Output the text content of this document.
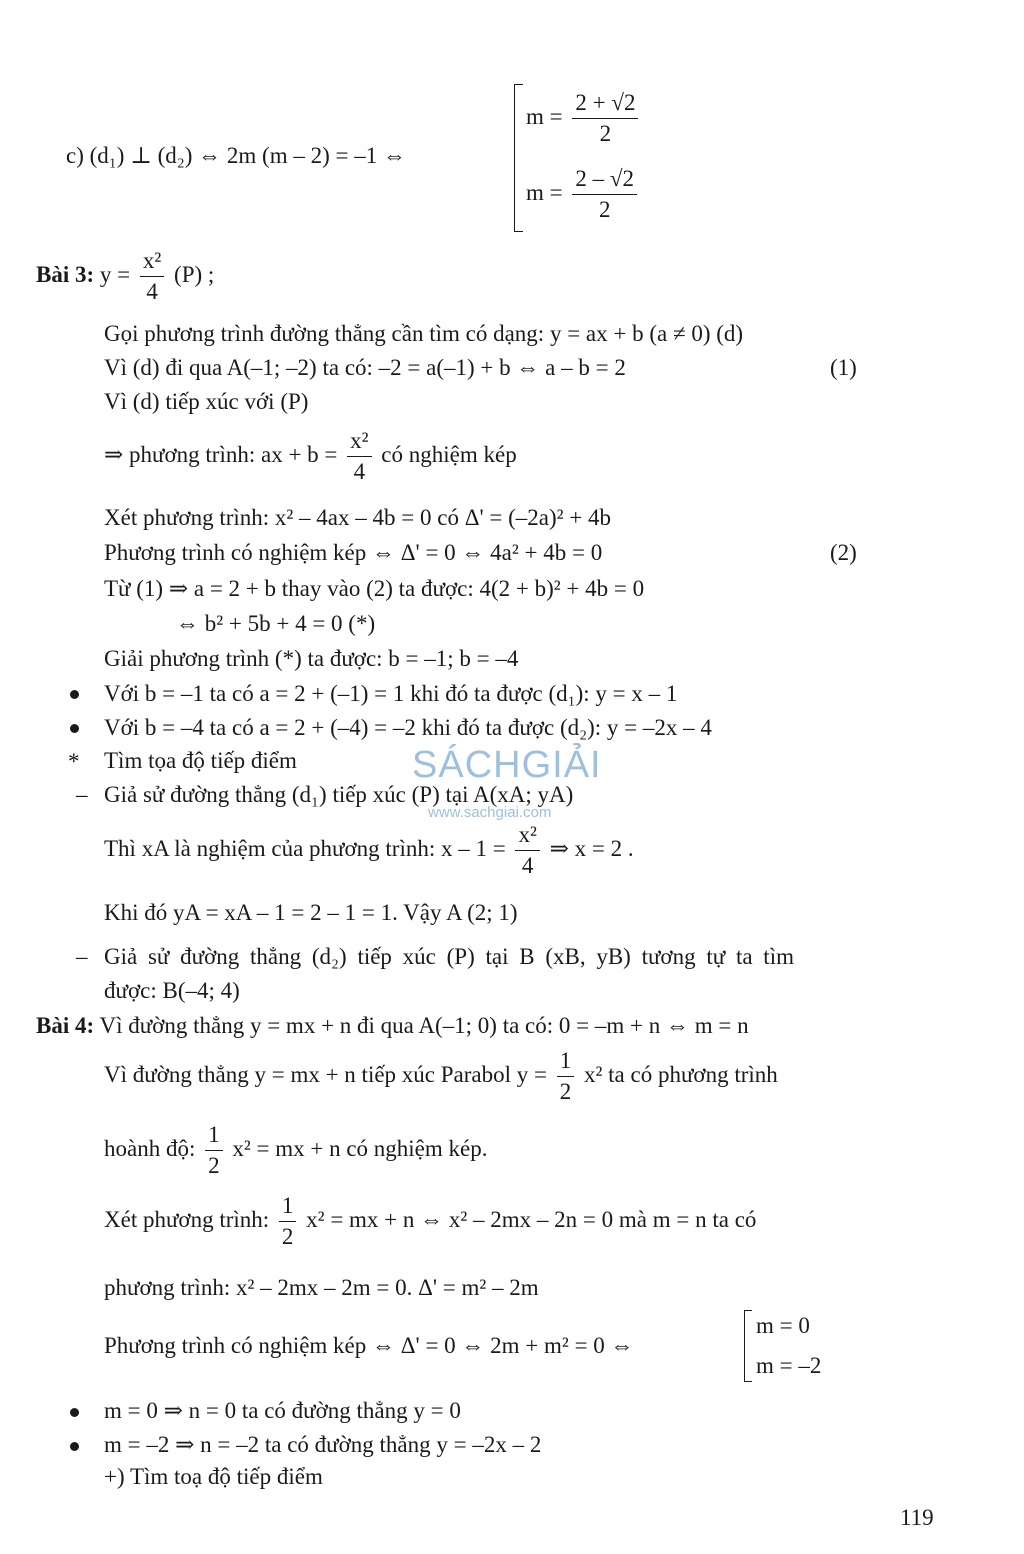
SÁCHGIẢI
www.sachgiai.com
c) (d₁) ⊥ (d₂) ⇔ 2m (m – 2) = –1 ⇔
$m = \frac{2 + √2}{2}$
$m = \frac{2 - √2}{2}$
Bài 3: $y = \frac{\text{x²}}{4} (P)$ ;
Gọi phương trình đường thẳng cần tìm có dạng: y = ax + b (a ≠ 0) (d)
Vì (d) đi qua A(–1; –2) ta có: –2 = a(–1) + b ⇔ a – b = 2	(1)
Vì (d) tiếp xúc với (P)
⇒ phương trình: ax + $b = \frac{\text{x²}}{4}$ có nghiệm kép
Xét phương trình: x² – 4ax – 4b = 0 có Δ' = (–2a)² + 4b
Phương trình có nghiệm kép ⇔ Δ' = 0 ⇔ 4a² + 4b = 0	(2)
Từ (1) ⇒ a = 2 + b thay vào (2) ta được: 4(2 + b)² + 4b = 0
⇔ b² + 5b + 4 = 0 (*)
Giải phương trình (*) ta được: b = –1; b = –4
Với b = –1 ta có a = 2 + (–1) = 1 khi đó ta được (d₁): y = x – 1
Với b = –4 ta có a = 2 + (–4) = –2 khi đó ta được (d₂): y = –2x – 4
* Tìm tọa độ tiếp điểm
– Giả sử đường thẳng (d₁) tiếp xúc (P) tại A(xA; yA)
Thì xA là nghiệm của phương trình: $x - 1 = \frac{\text{x²}}{4}$ ⇒ x = 2 .
Khi đó yA = xA – 1 = 2 – 1 = 1. Vậy A (2; 1)
– Giả sử đường thẳng (d₂) tiếp xúc (P) tại B (xB, yB) tương tự ta tìm
được: B(–4; 4)
Bài 4: Vì đường thẳng y = mx + n đi qua A(–1; 0) ta có: 0 = –m + n ⇔ m = n
Vì đường thẳng y = mx + n tiếp xúc Parabol $y = \frac{1}{2} x^2$ ta có phương trình
hoành độ: $\frac{1}{2} x^2$ = mx + n có nghiệm kép.
Xét phương trình: $\frac{1}{2} x^2$ = mx + n ⇔ x² – 2mx – 2n = 0 mà m = n ta có
phương trình: x² – 2mx – 2m = 0. Δ' = m² – 2m
Phương trình có nghiệm kép ⇔ Δ' = 0 ⇔ 2m + m² = 0 ⇔
m = 0
m = –2
m = 0 ⇒ n = 0 ta có đường thẳng y = 0
m = –2 ⇒ n = –2 ta có đường thẳng y = –2x – 2
+) Tìm toạ độ tiếp điểm
119
